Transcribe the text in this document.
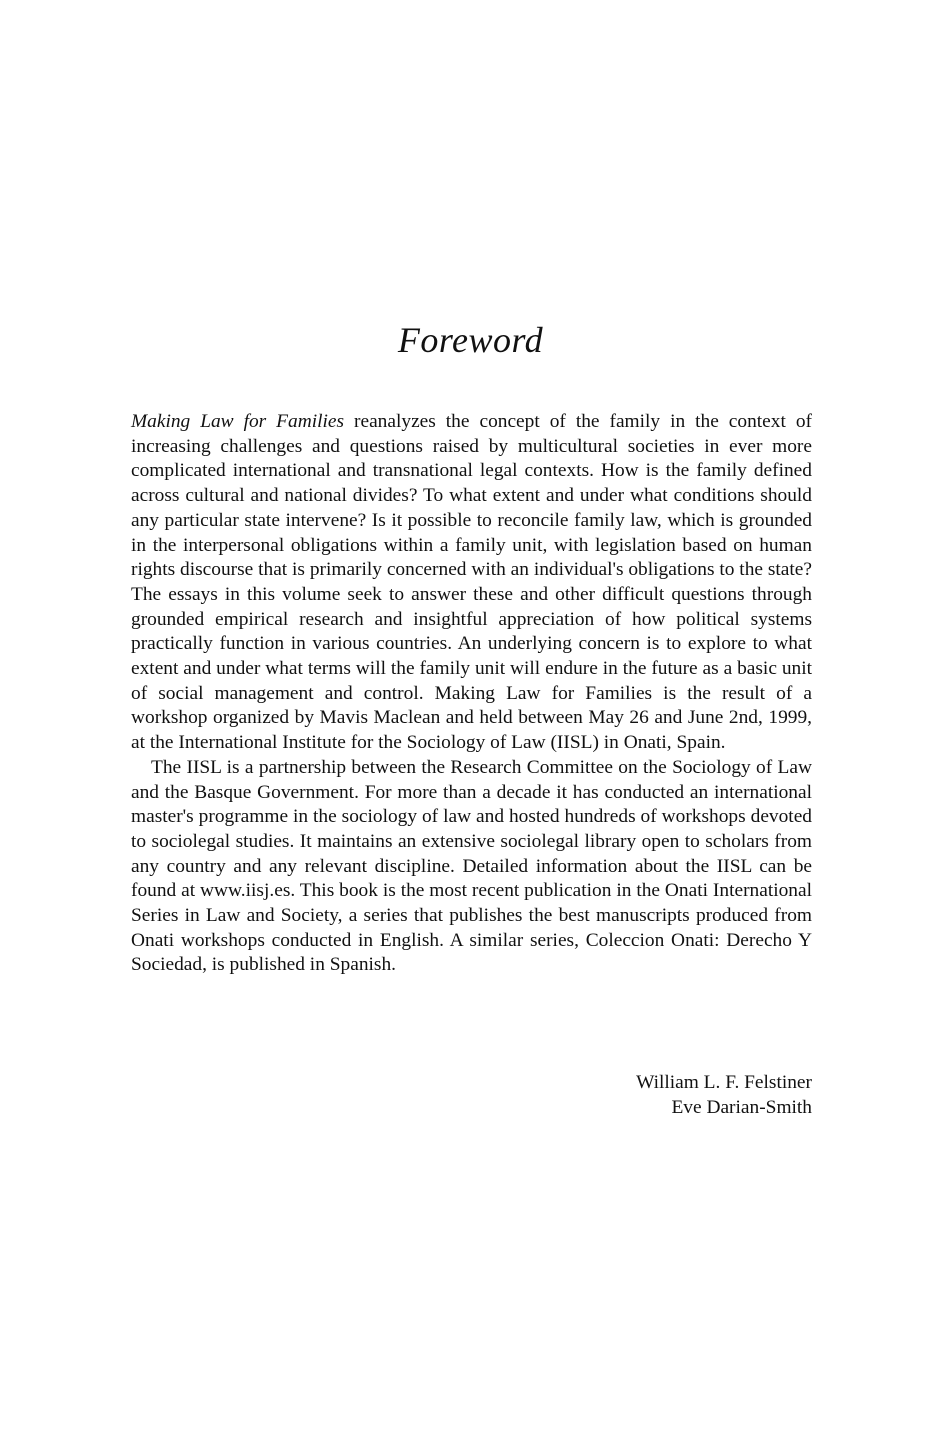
Foreword

Making Law for Families reanalyzes the concept of the family in the context of increasing challenges and questions raised by multicultural societies in ever more complicated international and transnational legal contexts. How is the family defined across cultural and national divides? To what extent and under what conditions should any particular state intervene? Is it possible to reconcile family law, which is grounded in the interpersonal obligations within a family unit, with legislation based on human rights discourse that is primarily concerned with an individual's obligations to the state? The essays in this volume seek to answer these and other difficult questions through grounded empirical research and insightful appreciation of how political systems practically function in various countries. An underlying concern is to explore to what extent and under what terms will the family unit will endure in the future as a basic unit of social management and control. Making Law for Families is the result of a workshop organized by Mavis Maclean and held between May 26 and June 2nd, 1999, at the International Institute for the Sociology of Law (IISL) in Onati, Spain.

The IISL is a partnership between the Research Committee on the Sociology of Law and the Basque Government. For more than a decade it has conducted an international master's programme in the sociology of law and hosted hundreds of workshops devoted to sociolegal studies. It maintains an extensive sociolegal library open to scholars from any country and any relevant discipline. Detailed information about the IISL can be found at www.iisj.es. This book is the most recent publication in the Onati International Series in Law and Society, a series that publishes the best manuscripts produced from Onati workshops conducted in English. A similar series, Coleccion Onati: Derecho Y Sociedad, is published in Spanish.

William L. F. Felstiner
Eve Darian-Smith
